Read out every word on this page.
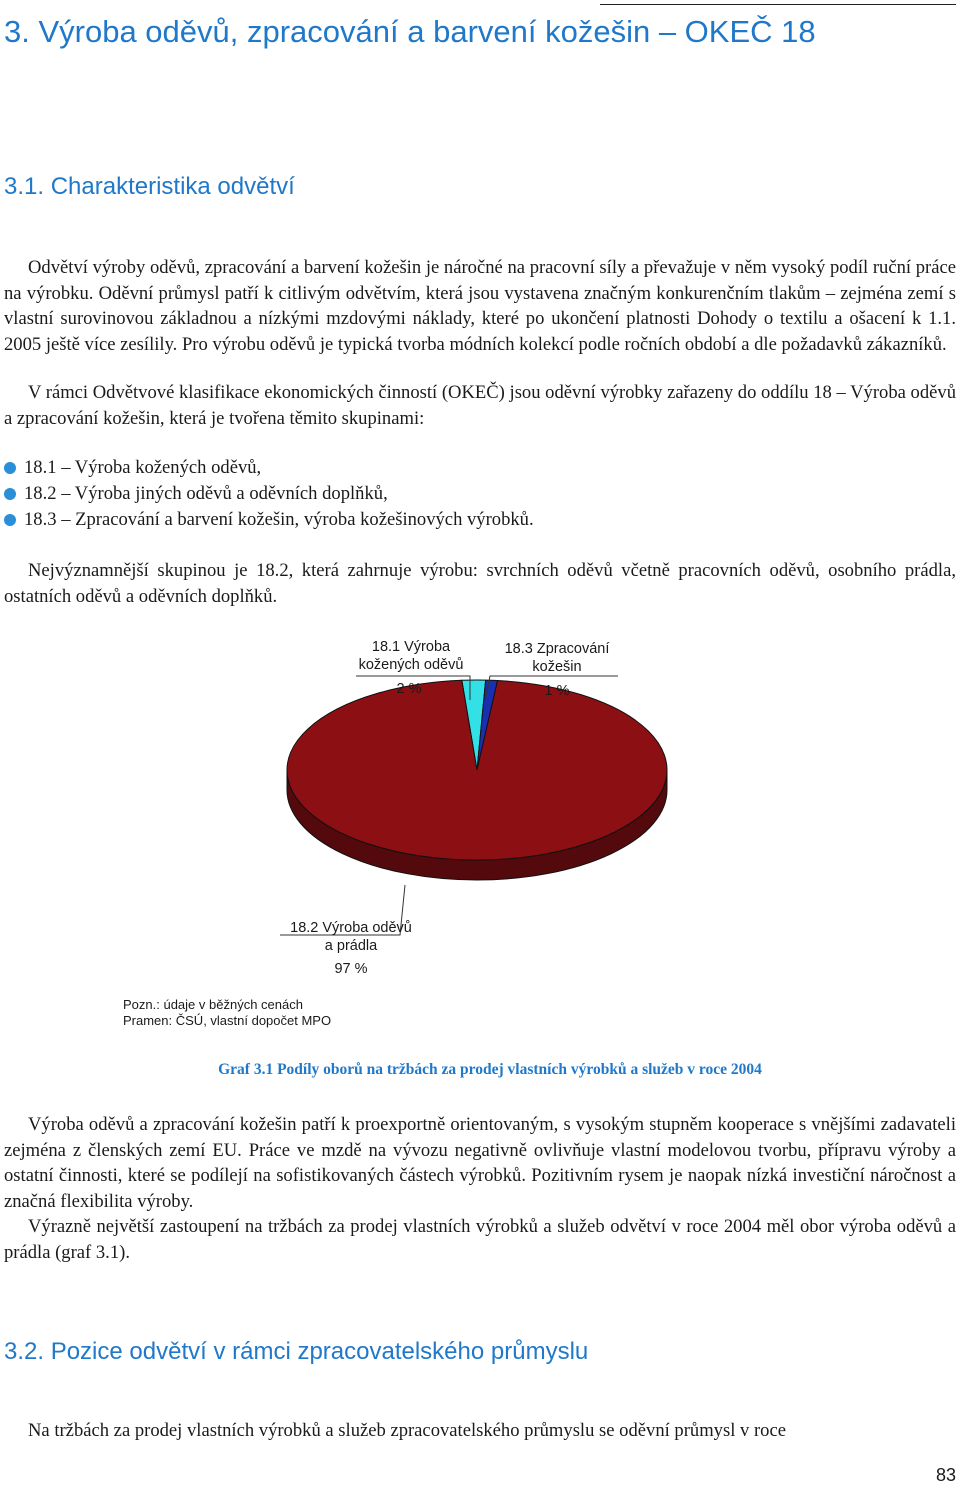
3. Výroba oděvů, zpracování a barvení kožešin – OKEČ 18
3.1. Charakteristika odvětví

Odvětví výroby oděvů, zpracování a barvení kožešin je náročné na pracovní síly a převažuje v něm vysoký podíl ruční práce na výrobku. Oděvní průmysl patří k citlivým odvětvím, která jsou vystavena značným konkurenčním tlakům – zejména zemí s vlastní surovinovou základnou a nízkými mzdovými náklady, které po ukončení platnosti Dohody o textilu a ošacení k 1.1. 2005 ještě více zesílily. Pro výrobu oděvů je typická tvorba módních kolekcí podle ročních období a dle požadavků zákazníků.

V rámci Odvětvové klasifikace ekonomických činností (OKEČ) jsou oděvní výrobky zařazeny do oddílu 18 – Výroba oděvů a zpracování kožešin, která je tvořena těmito skupinami:

18.1 – Výroba kožených oděvů,
18.2 – Výroba jiných oděvů a oděvních doplňků,
18.3 – Zpracování a barvení kožešin, výroba kožešinových výrobků.

Nejvýznamnější skupinou je 18.2, která zahrnuje výrobu: svrchních oděvů včetně pracovních oděvů, osobního prádla, ostatních oděvů a oděvních doplňků.

18.1 Výroba
kožených oděvů
2 %
18.3 Zpracování
kožešin
1 %
18.2 Výroba oděvů
a prádla
97 %

Pozn.: údaje v běžných cenách

Pramen: ČSÚ, vlastní dopočet MPO

Graf 3.1 Podíly oborů na tržbách za prodej vlastních výrobků a služeb v roce 2004

Výroba oděvů a zpracování kožešin patří k proexportně orientovaným, s vysokým stupněm kooperace s vnějšími zadavateli zejména z členských zemí EU. Práce ve mzdě na vývozu negativně ovlivňuje vlastní modelovou tvorbu, přípravu výroby a ostatní činnosti, které se podílejí na sofistikovaných částech výrobků. Pozitivním rysem je naopak nízká investiční náročnost a značná flexibilita výroby.

Výrazně největší zastoupení na tržbách za prodej vlastních výrobků a služeb odvětví v roce 2004 měl obor výroba oděvů a prádla (graf 3.1).

3.2. Pozice odvětví v rámci zpracovatelského průmyslu

Na tržbách za prodej vlastních výrobků a služeb zpracovatelského průmyslu se oděvní průmysl v roce

83
